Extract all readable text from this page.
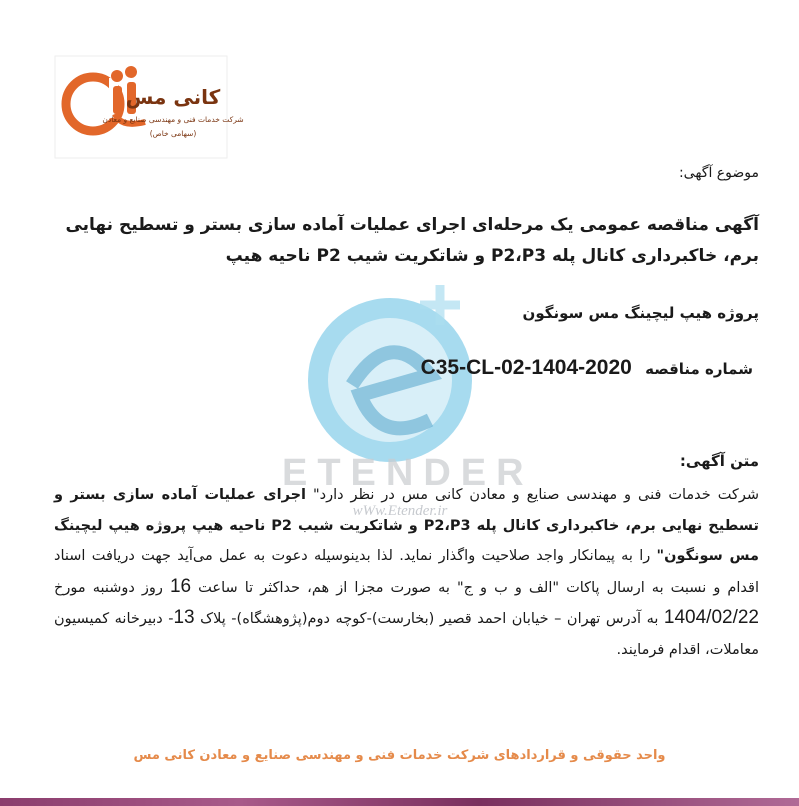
کانی مس
شرکت خدمات فنی و مهندسی صنایع و معادن
(سهامی خاص)
ETENDER
wWw.Etender.ir
موضوع آگهی:
آگهی مناقصه عمومی یک مرحله‌ای اجرای عملیات آماده سازی بستر و تسطیح نهایی برم، خاکبرداری کانال پله P2،P3 و شاتکریت شیب P2 ناحیه هیپ
پروژه هیپ لیچینگ مس سونگون
شماره مناقصه C35-CL-02-1404-2020
متن آگهی:
شرکت خدمات فنی و مهندسی صنایع و معادن کانی مس در نظر دارد" اجرای عملیات آماده سازی بستر و تسطیح نهایی برم، خاکبرداری کانال پله P2،P3 و شاتکریت شیب P2 ناحیه هیپ پروژه هیپ لیچینگ مس سونگون" را به پیمانکار واجد صلاحیت واگذار نماید. لذا بدینوسیله دعوت به عمل می‌آید جهت دریافت اسناد اقدام و نسبت به ارسال پاکات "الف و ب و ج" به صورت مجزا از هم، حداکثر تا ساعت 16 روز دوشنبه مورخ 1404/02/22 به آدرس تهران – خیابان احمد قصیر (بخارست)-کوچه دوم(پژوهشگاه)- پلاک 13- دبیرخانه کمیسیون معاملات، اقدام فرمایند.
واحد حقوقی و قراردادهای شرکت خدمات فنی و مهندسی صنایع و معادن کانی مس
